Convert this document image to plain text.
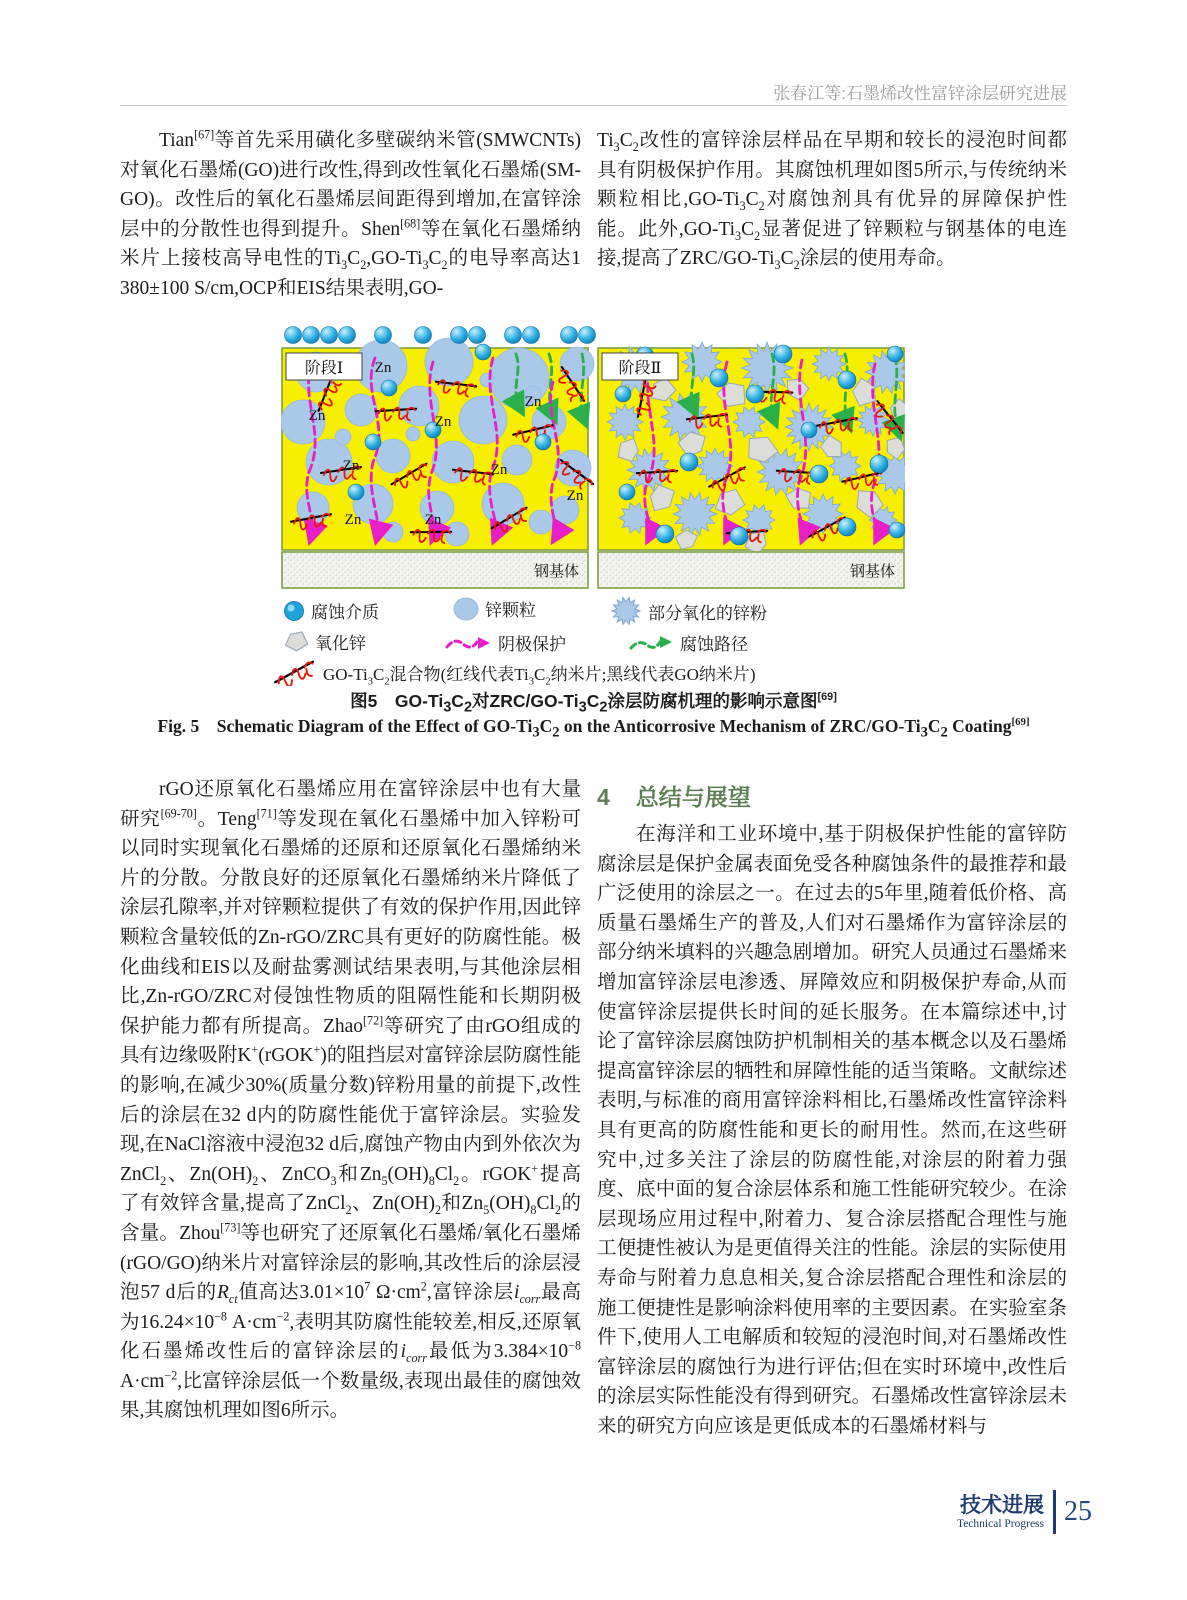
张春江等:石墨烯改性富锌涂层研究进展
Tian[67]等首先采用磺化多壁碳纳米管(SMWCNTs)对氧化石墨烯(GO)进行改性,得到改性氧化石墨烯(SM-GO)。改性后的氧化石墨烯层间距得到增加,在富锌涂层中的分散性也得到提升。Shen[68]等在氧化石墨烯纳米片上接枝高导电性的$Ti_3C_2,GO-Ti_3C_2$的电导率高达1 380±100 S/cm,OCP和EIS结果表明,GO-
$Ti_3C_2$改性的富锌涂层样品在早期和较长的浸泡时间都具有阴极保护作用。其腐蚀机理如图5所示,与传统纳米颗粒相比$,GO-Ti_3C_2$对腐蚀剂具有优异的屏障保护性能。此外$,GO-Ti_3C_2$显著促进了锌颗粒与钢基体的电连接,提高了ZRC/$GO-Ti_3C_2$涂层的使用寿命。
Zn
Zn	Zn
Zn
Zn	Zn
Zn
Zn	Zn
钢基体
阶段Ⅰ
钢基体
阶段Ⅱ
腐蚀介质	锌颗粒	部分氧化的锌粉
氧化锌	阴极保护	腐蚀路径
$GO-Ti_3C_2$混合物(红线代表$Ti_3C_2$纳米片;黑线代表GO纳米片)
图5　$GO-Ti_3C_2$对ZRC/$GO-Ti_3C_2$涂层防腐机理的影响示意图[69]
Fig. 5　Schematic Diagram of the Effect of $GO-Ti_3C_2$ on the Anticorrosive Mechanism of ZRC/$GO-Ti_3C_2$ Coating[69]
rGO还原氧化石墨烯应用在富锌涂层中也有大量研究[69-70]。Teng[71]等发现在氧化石墨烯中加入锌粉可以同时实现氧化石墨烯的还原和还原氧化石墨烯纳米片的分散。分散良好的还原氧化石墨烯纳米片降低了涂层孔隙率,并对锌颗粒提供了有效的保护作用,因此锌颗粒含量较低的Zn-rGO/ZRC具有更好的防腐性能。极化曲线和EIS以及耐盐雾测试结果表明,与其他涂层相比,Zn-rGO/ZRC对侵蚀性物质的阻隔性能和长期阴极保护能力都有所提高。Zhao[72]等研究了由rGO组成的具有边缘吸附K+(rGOK+)的阻挡层对富锌涂层防腐性能的影响,在减少30%(质量分数)锌粉用量的前提下,改性后的涂层在32 d内的防腐性能优于富锌涂层。实验发现,在NaCl溶液中浸泡32 d后,腐蚀产物由内到外依次为ZnCl$_2$、$Zn(OH)_2$、ZnCO$_3$和$Zn_5(OH)_8Cl_2$。rGOK+提高了有效锌含量,提高了ZnCl$_2$、$Zn(OH)_2$和$Zn_5(OH)_8Cl_2$的含量。Zhou[73]等也研究了还原氧化石墨烯/氧化石墨烯(rGO/GO)纳米片对富锌涂层的影响,其改性后的涂层浸泡57 d后的$R_{ct}$值高达$3.01\times 10^7$ $\Omega\cdot cm^2$,富锌涂层$i_{corr}$最高为$16.24\times 10^{-8}$ $A\cdot cm^{-2}$,表明其防腐性能较差,相反,还原氧化石墨烯改性后的富锌涂层的$i_{corr}$最低为$3.384\times 10^{-8}$ $A\cdot cm^{-2}$,比富锌涂层低一个数量级,表现出最佳的腐蚀效果,其腐蚀机理如图6所示。
4 总结与展望
在海洋和工业环境中,基于阴极保护性能的富锌防腐涂层是保护金属表面免受各种腐蚀条件的最推荐和最广泛使用的涂层之一。在过去的5年里,随着低价格、高质量石墨烯生产的普及,人们对石墨烯作为富锌涂层的部分纳米填料的兴趣急剧增加。研究人员通过石墨烯来增加富锌涂层电渗透、屏障效应和阴极保护寿命,从而使富锌涂层提供长时间的延长服务。在本篇综述中,讨论了富锌涂层腐蚀防护机制相关的基本概念以及石墨烯提高富锌涂层的牺牲和屏障性能的适当策略。文献综述表明,与标准的商用富锌涂料相比,石墨烯改性富锌涂料具有更高的防腐性能和更长的耐用性。然而,在这些研究中,过多关注了涂层的防腐性能,对涂层的附着力强度、底中面的复合涂层体系和施工性能研究较少。在涂层现场应用过程中,附着力、复合涂层搭配合理性与施工便捷性被认为是更值得关注的性能。涂层的实际使用寿命与附着力息息相关,复合涂层搭配合理性和涂层的施工便捷性是影响涂料使用率的主要因素。在实验室条件下,使用人工电解质和较短的浸泡时间,对石墨烯改性富锌涂层的腐蚀行为进行评估;但在实时环境中,改性后的涂层实际性能没有得到研究。石墨烯改性富锌涂层未来的研究方向应该是更低成本的石墨烯材料与
技术进展
Technical Progress 25
